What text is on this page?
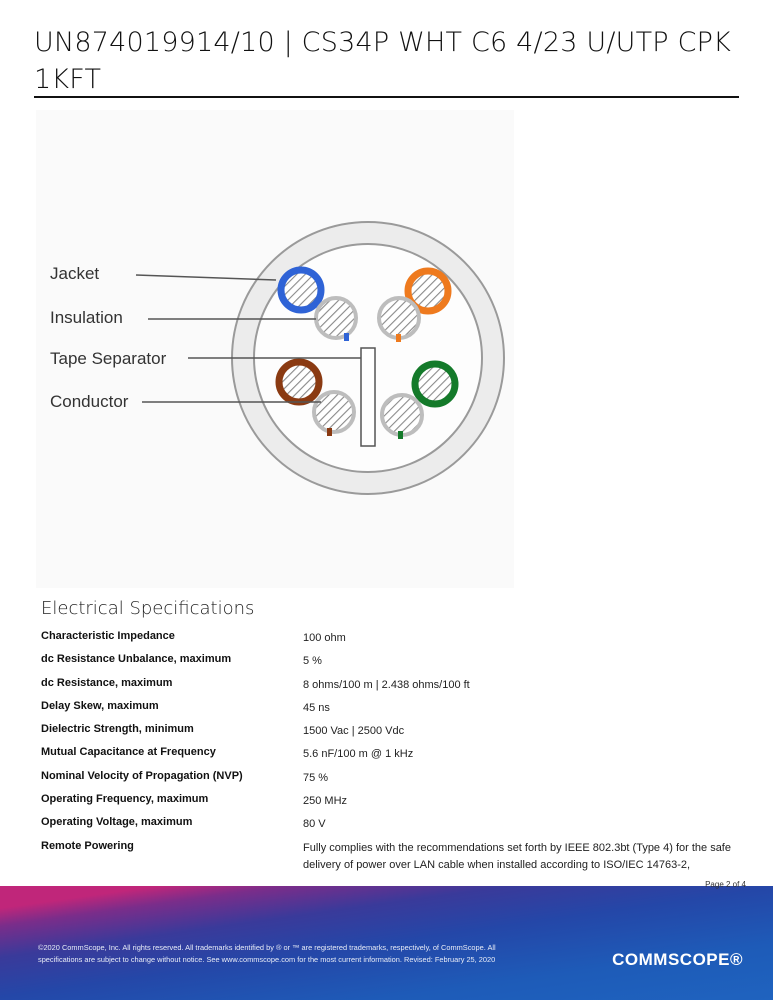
UN874019914/10 | CS34P WHT C6 4/23 U/UTP CPK 1KFT
Jacket
Insulation
Tape Separator
Conductor
Electrical Specifications
Characteristic Impedance	100 ohm
dc Resistance Unbalance, maximum	5 %
dc Resistance, maximum	8 ohms/100 m | 2.438 ohms/100 ft
Delay Skew, maximum	45 ns
Dielectric Strength, minimum	1500 Vac | 2500 Vdc
Mutual Capacitance at Frequency	5.6 nF/100 m @ 1 kHz
Nominal Velocity of Propagation (NVP)	75 %
Operating Frequency, maximum	250 MHz
Operating Voltage, maximum	80 V
Remote Powering	Fully complies with the recommendations set forth by IEEE 802.3bt (Type 4) for the safe delivery of power over LAN cable when installed according to ISO/IEC 14763-2,
©2020 CommScope, Inc. All rights reserved. All trademarks identified by ® or ™ are registered trademarks, respectively, of CommScope. All specifications are subject to change without notice. See www.commscope.com for the most current information. Revised: February 25, 2020	COMMSCOPE®
Page 2 of 4
